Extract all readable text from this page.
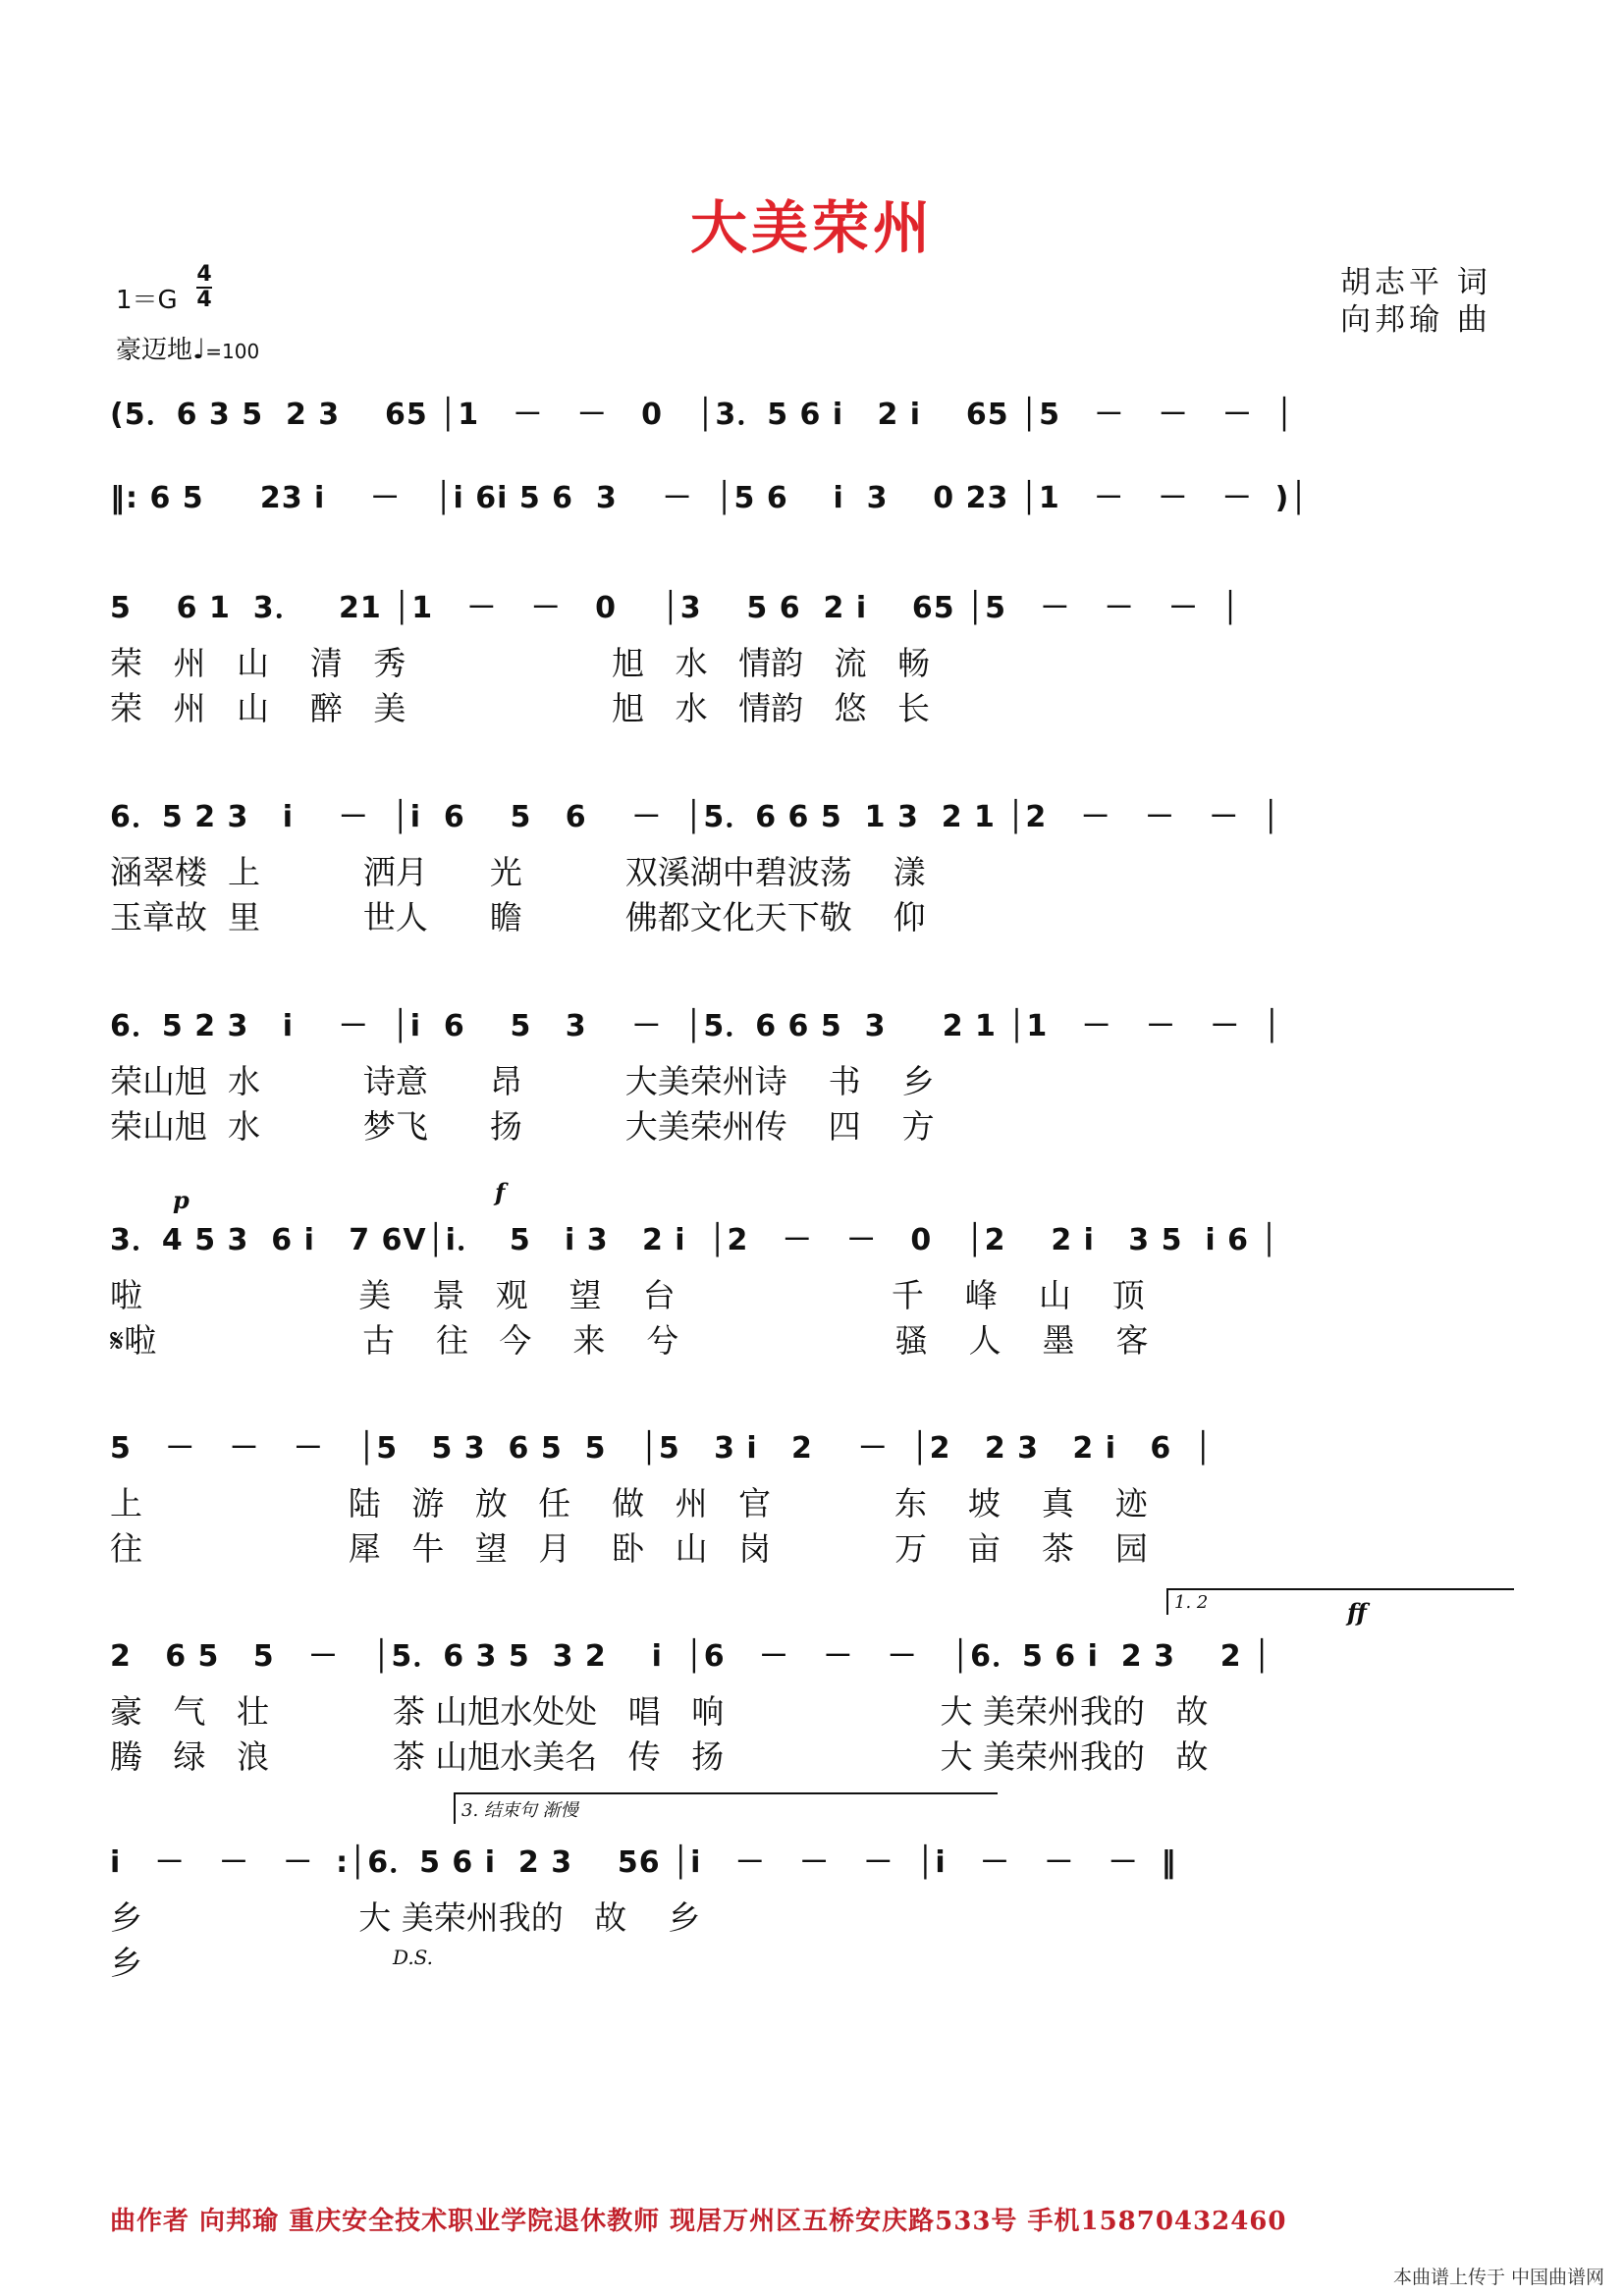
大美荣州
胡志平 词
向邦瑜 曲
1＝G
4
4
豪迈地♩=100
(5．6 3 5  2 3    65 │1   －   －   0   │3．5 6 i   2 i    65 │5   －   －   －  │
‖: 6 5     23 i    －   │i 6i 5 6  3    －  │5 6    i  3    0 23 │1   －   －   －  )│
5    6 1  3．   21 │1   －   －   0    │3    5 6  2 i    65 │5   －   －   －  │
荣   州   山    清   秀                    旭   水   情韵   流   畅
荣   州   山    醉   美                    旭   水   情韵   悠   长
6．5 2 3   i    －  │i  6    5   6    －  │5．6 6 5  1 3  2 1 │2   －   －   －  │
涵翠楼  上          洒月      光          双溪湖中碧波荡    漾
玉章故  里          世人      瞻          佛都文化天下敬    仰
6．5 2 3   i    －  │i  6    5   3    －  │5．6 6 5  3     2 1 │1   －   －   －  │
荣山旭  水          诗意      昂          大美荣州诗    书    乡
荣山旭  水          梦飞      扬          大美荣州传    四    方
3．4 5 3  6 i   7 6ᐯ│i．  5   i 3   2 i  │2   －   －   0   │2    2 i   3 5  i 6 │
啦                     美    景   观    望    台                     千    峰    山    顶
𝄋啦                    古    往   今    来    兮                     骚    人    墨    客
5   －   －   －   │5   5 3  6 5  5   │5   3 i   2    －  │2   2 3   2 i   6  │
上                    陆   游   放   任    做   州   官            东    坡    真    迹
往                    犀   牛   望   月    卧   山   岗            万    亩    茶    园
2   6 5   5   －   │5．6 3 5  3 2    i  │6   －   －   －   │6．5 6 i  2 3    2 │
豪   气   壮            茶 山旭水处处   唱   响                     大 美荣州我的   故
腾   绿   浪            茶 山旭水美名   传   扬                     大 美荣州我的   故
i   －   －   －  :│6．5 6 i  2 3    56 │i   －   －   －  │i   －   －   －  ‖
乡                     大 美荣州我的   故    乡
乡
p	f
ff
1. 2
3. 结束句 渐慢
D.S.
曲作者 向邦瑜 重庆安全技术职业学院退休教师 现居万州区五桥安庆路533号 手机15870432460
本曲谱上传于 中国曲谱网
